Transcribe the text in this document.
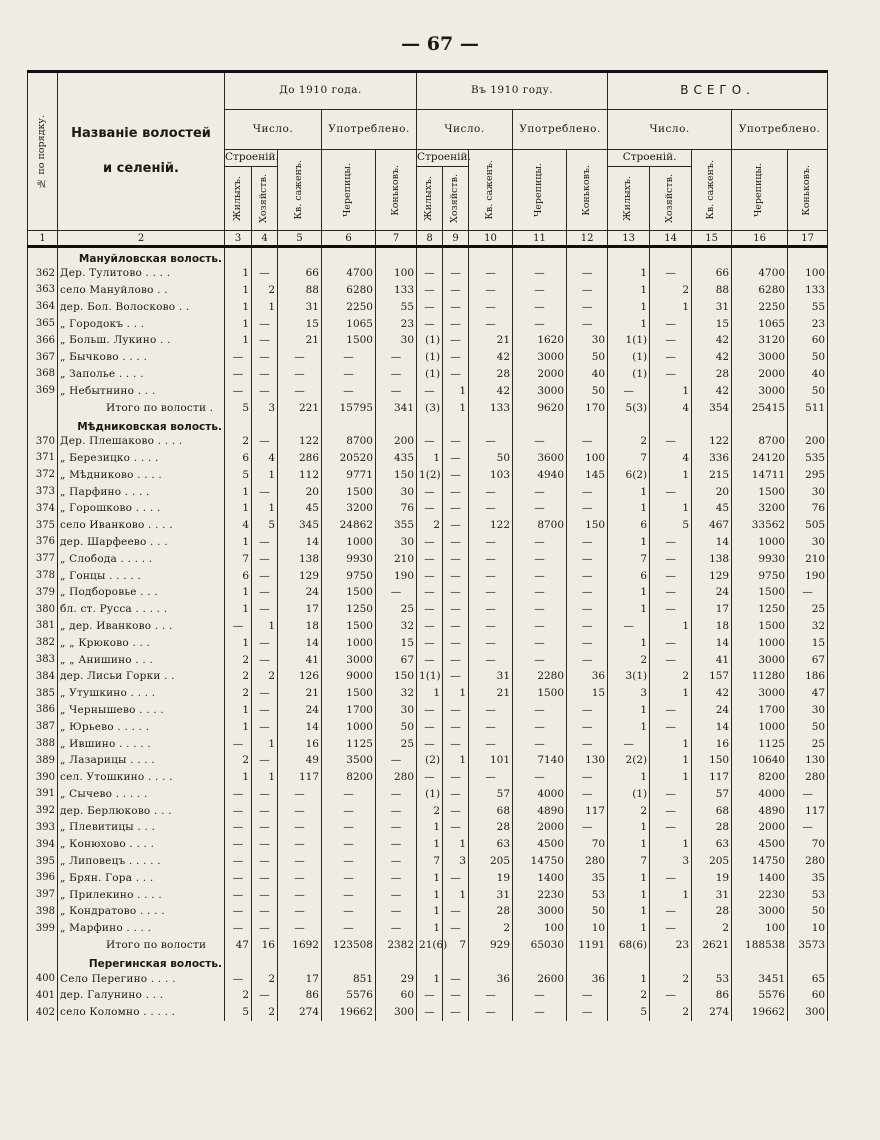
— 67 —
№ по порядку.	Названіе волостей
и селеній.	До 1910 года.					Въ 1910 году.					ВСЕГО.				
		Число.			Употреблено.		Число.			Употреблено.		Число.			Употреблено.	
		Строеній.		Кв. саженъ.	Черепицы.	Коньковъ.	Строеній.		Кв. саженъ.	Черепицы.	Коньковъ.	Строеній.		Кв. саженъ.	Черепицы.	Коньковъ.

		Жилыхъ.	Хозяйств.				Жилыхъ.	Хозяйств.				Жилыхъ.	Хозяйств.			

1	2	3	4	5	6	7	8	9	10	11	12	13	14	15	16	17
	Мануйловская волость.															
362	Дер. Тулитово . . . .	1	—	66	4700	100	—	—	—	—	—	1	—	66	4700	100
363	село Мануйлово . .	1	2	88	6280	133	—	—	—	—	—	1	2	88	6280	133
364	дер. Бол. Волосково . .	1	1	31	2250	55	—	—	—	—	—	1	1	31	2250	55
365	„ Городокъ . . .	1	—	15	1065	23	—	—	—	—	—	1	—	15	1065	23
366	„ Больш. Лукино . .	1	—	21	1500	30	(1)	—	21	1620	30	1(1)	—	42	3120	60
367	„ Бычково . . . .	—	—	—	—	—	(1)	—	42	3000	50	(1)	—	42	3000	50
368	„ Заполье . . . .	—	—	—	—	—	(1)	—	28	2000	40	(1)	—	28	2000	40
369	„ Небытнино . . .	—	—	—	—	—	—	1	42	3000	50	—	1	42	3000	50
	Итого по волости .	5	3	221	15795	341	(3)	1	133	9620	170	5(3)	4	354	25415	511
	Мѣдниковская волость.															
370	Дер. Плешаково . . . .	2	—	122	8700	200	—	—	—	—	—	2	—	122	8700	200
371	„ Березицко . . . .	6	4	286	20520	435	1	—	50	3600	100	7	4	336	24120	535
372	„ Мѣдниково . . . .	5	1	112	9771	150	1(2)	—	103	4940	145	6(2)	1	215	14711	295
373	„ Парфино . . . .	1	—	20	1500	30	—	—	—	—	—	1	—	20	1500	30
374	„ Горошково . . . .	1	1	45	3200	76	—	—	—	—	—	1	1	45	3200	76
375	село Иванково . . . .	4	5	345	24862	355	2	—	122	8700	150	6	5	467	33562	505
376	дер. Шарфеево . . .	1	—	14	1000	30	—	—	—	—	—	1	—	14	1000	30
377	„ Слобода . . . . .	7	—	138	9930	210	—	—	—	—	—	7	—	138	9930	210
378	„ Гонцы . . . . .	6	—	129	9750	190	—	—	—	—	—	6	—	129	9750	190
379	„ Подборовье . . .	1	—	24	1500	—	—	—	—	—	—	1	—	24	1500	—
380	бл. ст. Русса . . . . .	1	—	17	1250	25	—	—	—	—	—	1	—	17	1250	25
381	„ дер. Иванково . . .	—	1	18	1500	32	—	—	—	—	—	—	1	18	1500	32
382	„ „ Крюково . . .	1	—	14	1000	15	—	—	—	—	—	1	—	14	1000	15
383	„ „ Анишино . . .	2	—	41	3000	67	—	—	—	—	—	2	—	41	3000	67
384	дер. Лисьи Горки . .	2	2	126	9000	150	1(1)	—	31	2280	36	3(1)	2	157	11280	186
385	„ Утушкино . . . .	2	—	21	1500	32	1	1	21	1500	15	3	1	42	3000	47
386	„ Чернышево . . . .	1	—	24	1700	30	—	—	—	—	—	1	—	24	1700	30
387	„ Юрьево . . . . .	1	—	14	1000	50	—	—	—	—	—	1	—	14	1000	50
388	„ Ившино . . . . .	—	1	16	1125	25	—	—	—	—	—	—	1	16	1125	25
389	„ Лазарицы . . . .	2	—	49	3500	—	(2)	1	101	7140	130	2(2)	1	150	10640	130
390	сел. Утошкино . . . .	1	1	117	8200	280	—	—	—	—	—	1	1	117	8200	280
391	„ Сычево . . . . .	—	—	—	—	—	(1)	—	57	4000	—	(1)	—	57	4000	—
392	дер. Берлюково . . .	—	—	—	—	—	2	—	68	4890	117	2	—	68	4890	117
393	„ Плевитицы . . .	—	—	—	—	—	1	—	28	2000	—	1	—	28	2000	—
394	„ Конюхово . . . .	—	—	—	—	—	1	1	63	4500	70	1	1	63	4500	70
395	„ Липовецъ . . . . .	—	—	—	—	—	7	3	205	14750	280	7	3	205	14750	280
396	„ Брян. Гора . . .	—	—	—	—	—	1	—	19	1400	35	1	—	19	1400	35
397	„ Прилекино . . . .	—	—	—	—	—	1	1	31	2230	53	1	1	31	2230	53
398	„ Кондратово . . . .	—	—	—	—	—	1	—	28	3000	50	1	—	28	3000	50
399	„ Марфино . . . .	—	—	—	—	—	1	—	2	100	10	1	—	2	100	10
	Итого по волости	47	16	1692	123508	2382	21(6)	7	929	65030	1191	68(6)	23	2621	188538	3573
	Перегинская волость.															
400	Село Перегино . . . .	—	2	17	851	29	1	—	36	2600	36	1	2	53	3451	65
401	дер. Галунино . . .	2	—	86	5576	60	—	—	—	—	—	2	—	86	5576	60
402	село Коломно . . . . .	5	2	274	19662	300	—	—	—	—	—	5	2	274	19662	300
